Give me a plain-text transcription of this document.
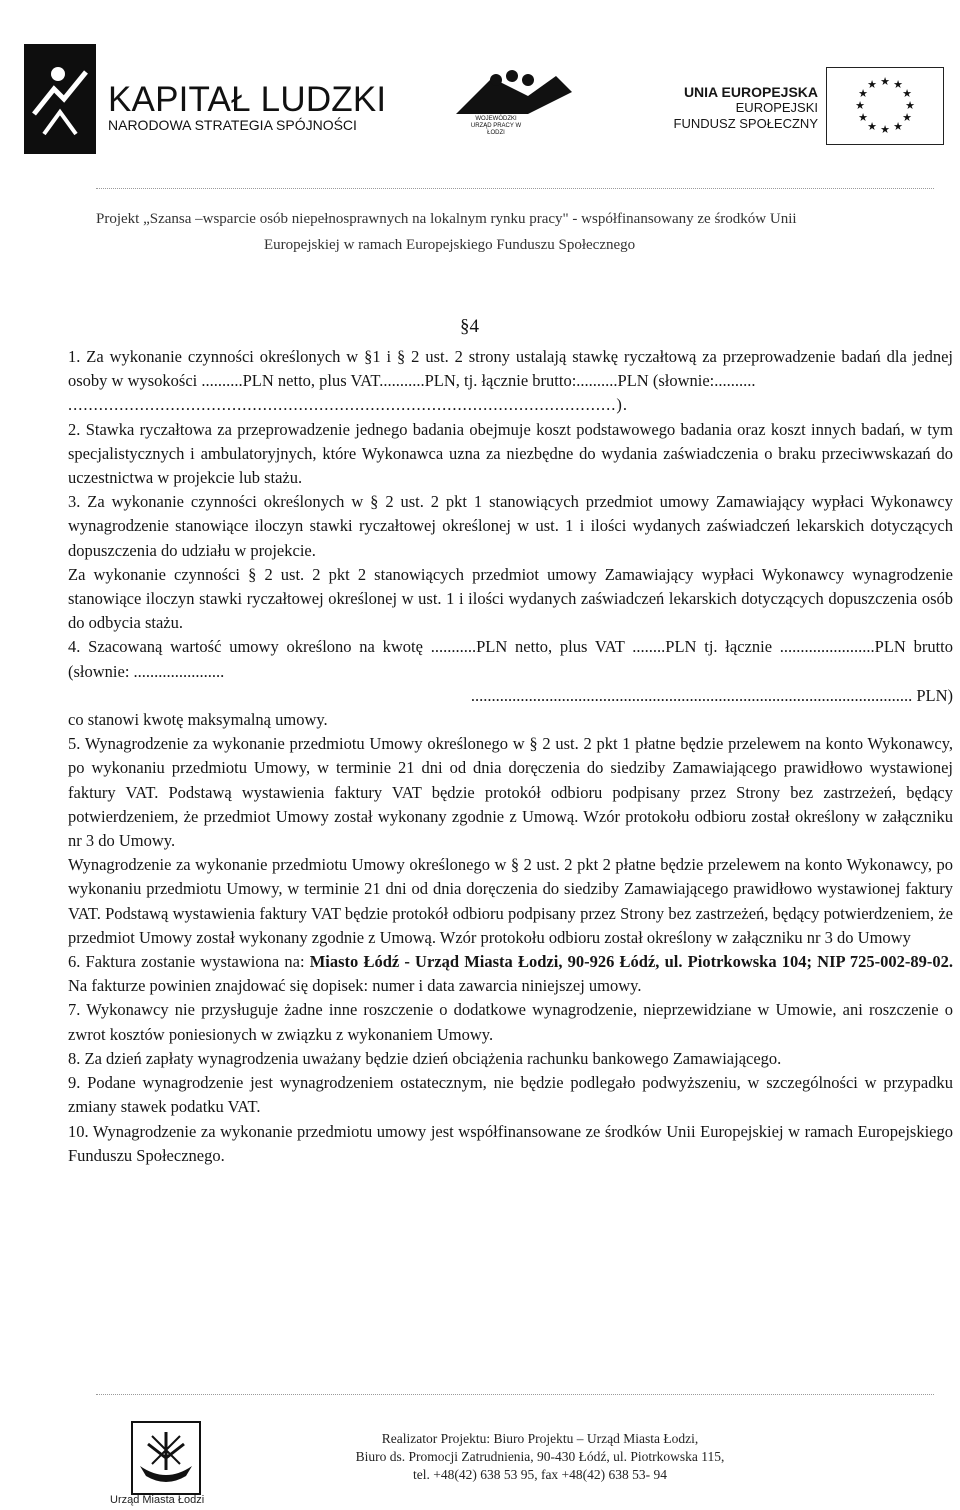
KAPITAŁ LUDZKI
NARODOWA STRATEGIA SPÓJNOŚCI	WOJEWÓDZKI URZĄD PRACY W ŁODZI
UNIA EUROPEJSKA
EUROPEJSKI
FUNDUSZ SPOŁECZNY
★ ★
★
★
★
★
★
★
★
★
★
★
Projekt „Szansa –wsparcie osób niepełnosprawnych na lokalnym rynku pracy" - współfinansowany ze środków Unii
Europejskiej w ramach Europejskiego Funduszu Społecznego
§4

1. Za wykonanie czynności określonych w §1 i § 2 ust. 2 strony ustalają stawkę ryczałtową za przeprowadzenie badań dla jednej osoby w wysokości ..........PLN netto, plus VAT...........PLN, tj. łącznie brutto:..........PLN (słownie:..........

...........................................................................................................).

2. Stawka ryczałtowa za przeprowadzenie jednego badania obejmuje koszt podstawowego badania oraz koszt innych badań, w tym specjalistycznych i ambulatoryjnych, które Wykonawca uzna za niezbędne do wydania zaświadczenia o braku przeciwwskazań do uczestnictwa w projekcie lub stażu.

3. Za wykonanie czynności określonych w § 2 ust. 2 pkt 1 stanowiących przedmiot umowy Zamawiający wypłaci Wykonawcy wynagrodzenie stanowiące iloczyn stawki ryczałtowej określonej w ust. 1 i ilości wydanych zaświadczeń lekarskich dotyczących dopuszczenia do udziału w projekcie.

Za wykonanie czynności § 2 ust. 2 pkt 2 stanowiących przedmiot umowy Zamawiający wypłaci Wykonawcy wynagrodzenie stanowiące iloczyn stawki ryczałtowej określonej w ust. 1 i ilości wydanych zaświadczeń lekarskich dotyczących dopuszczenia osób do odbycia stażu.

4. Szacowaną wartość umowy określono na kwotę ...........PLN netto, plus VAT ........PLN tj. łącznie .......................PLN brutto (słownie: ......................

........................................................................................................... PLN)

co stanowi kwotę maksymalną umowy.

5. Wynagrodzenie za wykonanie przedmiotu Umowy określonego w § 2 ust. 2 pkt 1 płatne będzie przelewem na konto Wykonawcy, po wykonaniu przedmiotu Umowy, w terminie 21 dni od dnia doręczenia do siedziby Zamawiającego prawidłowo wystawionej faktury VAT. Podstawą wystawienia faktury VAT będzie protokół odbioru podpisany przez Strony bez zastrzeżeń, będący potwierdzeniem, że przedmiot Umowy został wykonany zgodnie z Umową. Wzór protokołu odbioru został określony w załączniku nr 3 do Umowy.

Wynagrodzenie za wykonanie przedmiotu Umowy określonego w § 2 ust. 2 pkt 2 płatne będzie przelewem na konto Wykonawcy, po wykonaniu przedmiotu Umowy, w terminie 21 dni od dnia doręczenia do siedziby Zamawiającego prawidłowo wystawionej faktury VAT. Podstawą wystawienia faktury VAT będzie protokół odbioru podpisany przez Strony bez zastrzeżeń, będący potwierdzeniem, że przedmiot Umowy został wykonany zgodnie z Umową. Wzór protokołu odbioru został określony w załączniku nr 3 do Umowy

6. Faktura zostanie wystawiona na: Miasto Łódź - Urząd Miasta Łodzi, 90-926 Łódź, ul. Piotrkowska 104; NIP 725-002-89-02. Na fakturze powinien znajdować się dopisek: numer i data zawarcia niniejszej umowy.

7. Wykonawcy nie przysługuje żadne inne roszczenie o dodatkowe wynagrodzenie, nieprzewidziane w Umowie, ani roszczenie o zwrot kosztów poniesionych w związku z wykonaniem Umowy.

8. Za dzień zapłaty wynagrodzenia uważany będzie dzień obciążenia rachunku bankowego Zamawiającego.

9. Podane wynagrodzenie jest wynagrodzeniem ostatecznym, nie będzie podlegało podwyższeniu, w szczególności w przypadku zmiany stawek podatku VAT.

10. Wynagrodzenie za wykonanie przedmiotu umowy jest współfinansowane ze środków Unii Europejskiej w ramach Europejskiego Funduszu Społecznego.

Urząd Miasta Łodzi
Realizator Projektu: Biuro Projektu – Urząd Miasta Łodzi,
Biuro ds. Promocji Zatrudnienia, 90-430 Łódź, ul. Piotrkowska 115,
tel. +48(42) 638 53 95, fax +48(42) 638 53- 94
